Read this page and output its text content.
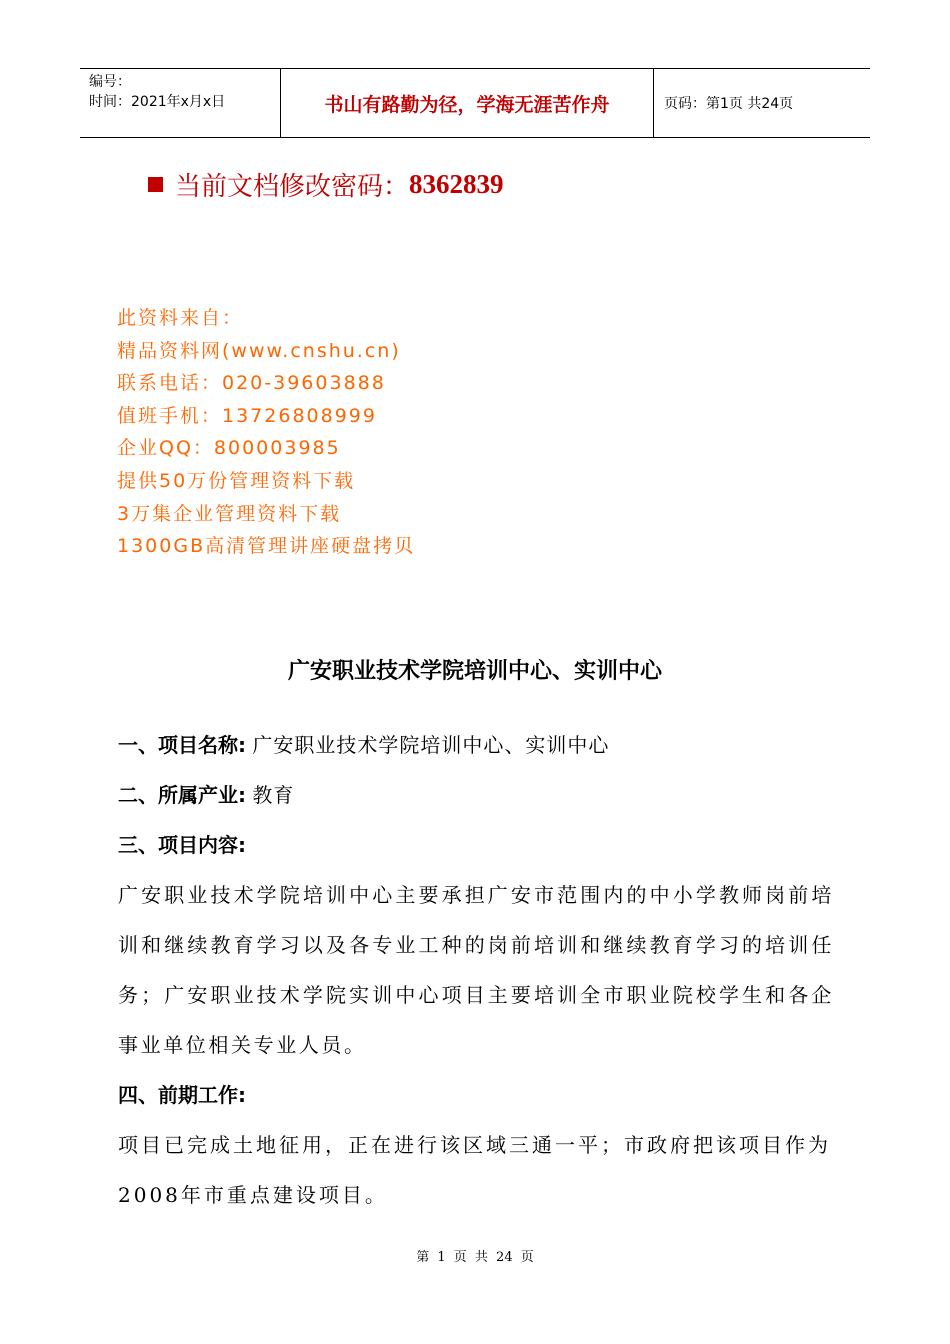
编号：
时间：2021年x月x日	书山有路勤为径，学海无涯苦作舟	页码：第1页 共24页
当前文档修改密码： 8362839
此资料来自：
精品资料网(www.cnshu.cn)
联系电话：020-39603888
值班手机：13726808999
企业QQ：800003985
提供50万份管理资料下载
3万集企业管理资料下载
1300GB高清管理讲座硬盘拷贝
广安职业技术学院培训中心、实训中心
一、项目名称: 广安职业技术学院培训中心、实训中心
二、所属产业: 教育
三、项目内容:
广安职业技术学院培训中心主要承担广安市范围内的中小学教师岗前培训和继续教育学习以及各专业工种的岗前培训和继续教育学习的培训任务；广安职业技术学院实训中心项目主要培训全市职业院校学生和各企事业单位相关专业人员。
四、前期工作:
项目已完成土地征用，正在进行该区域三通一平；市政府把该项目作为2008年市重点建设项目。
第 1 页 共 24 页
